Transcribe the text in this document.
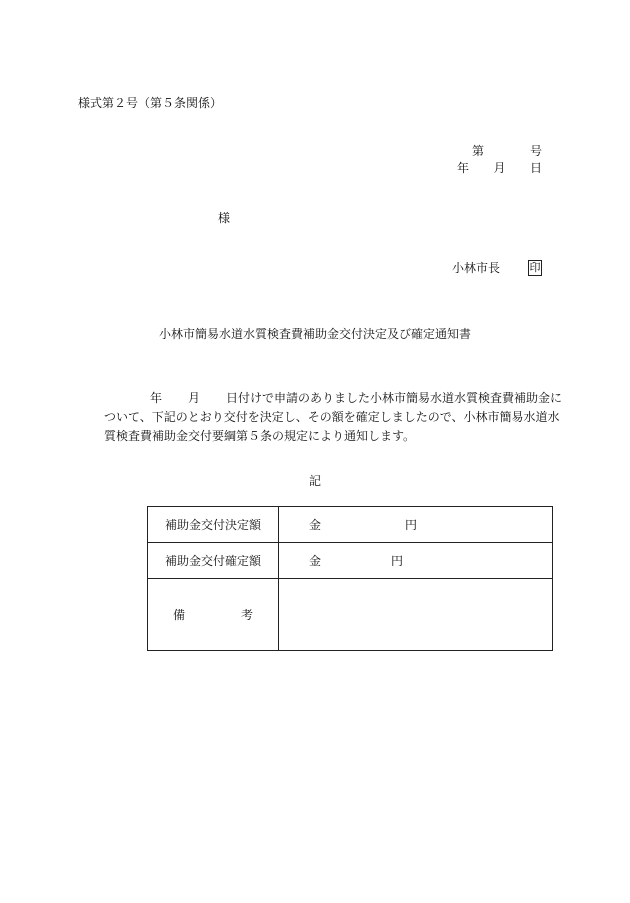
様式第２号（第５条関係）
第	号
年 月 日
様
小林市長	印
小林市簡易水道水質検査費補助金交付決定及び確定通知書
年 月 日付けで申請のありました小林市簡易水道水質検査費補助金に
ついて、下記のとおり交付を決定し、その額を確定しましたので、小林市簡易水道水
質検査費補助金交付要綱第５条の規定により通知します。
記
補助金交付決定額	金 円

補助金交付確定額	金 円

備 考	
